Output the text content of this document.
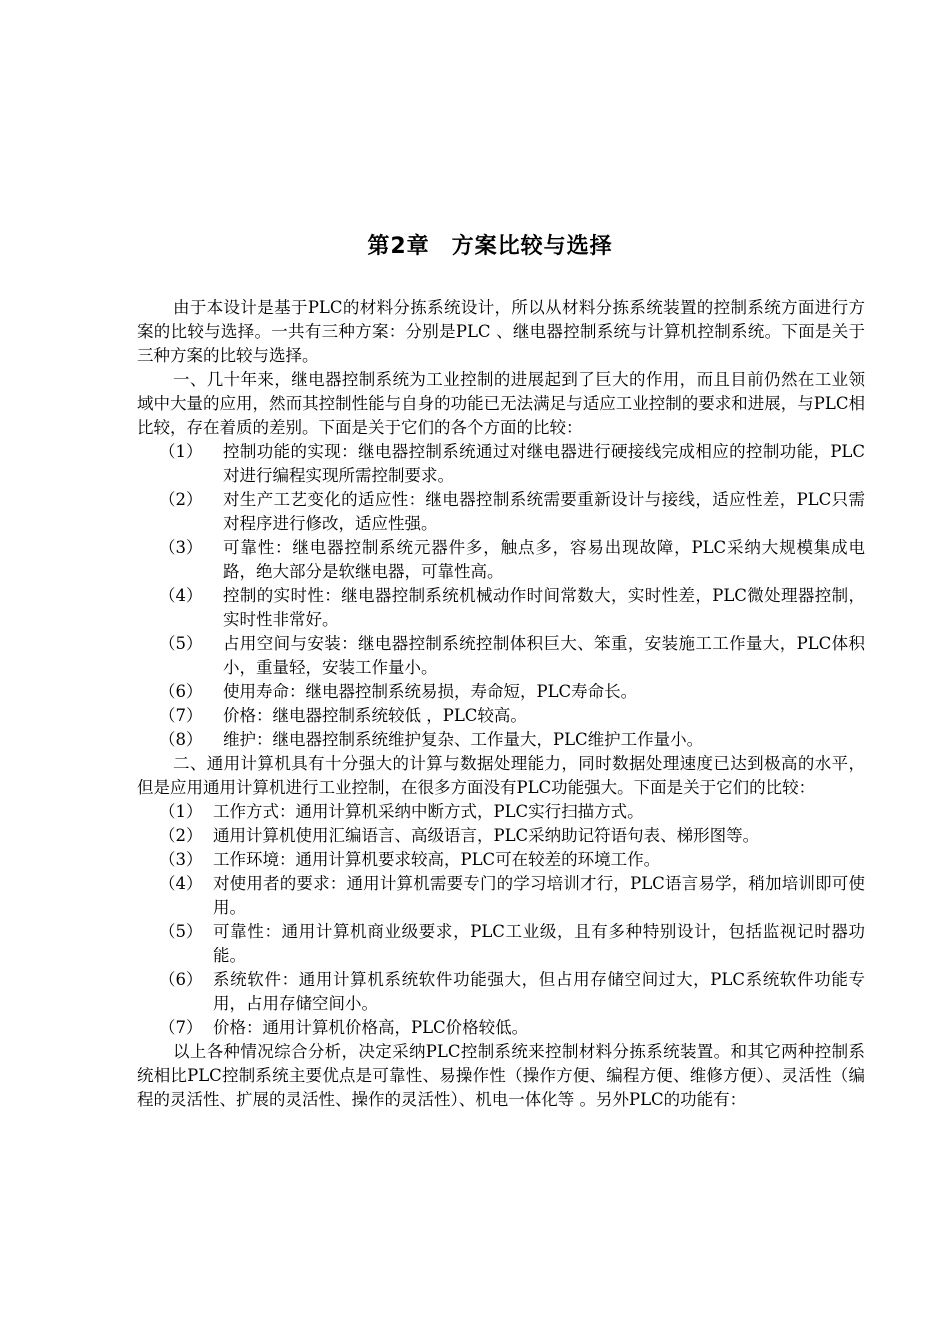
第2章 方案比较与选择

由于本设计是基于PLC的材料分拣系统设计，所以从材料分拣系统装置的控制系统方面进行方案的比较与选择。一共有三种方案：分别是PLC 、继电器控制系统与计算机控制系统。下面是关于三种方案的比较与选择。

一、几十年来，继电器控制系统为工业控制的进展起到了巨大的作用，而且目前仍然在工业领域中大量的应用，然而其控制性能与自身的功能已无法满足与适应工业控制的要求和进展，与PLC相比较，存在着质的差别。下面是关于它们的各个方面的比较：

（1） 控制功能的实现：继电器控制系统通过对继电器进行硬接线完成相应的控制功能，PLC对进行编程实现所需控制要求。

（2） 对生产工艺变化的适应性：继电器控制系统需要重新设计与接线，适应性差，PLC只需对程序进行修改，适应性强。

（3） 可靠性：继电器控制系统元器件多，触点多，容易出现故障，PLC采纳大规模集成电路，绝大部分是软继电器，可靠性高。

（4） 控制的实时性：继电器控制系统机械动作时间常数大，实时性差，PLC微处理器控制，实时性非常好。

（5） 占用空间与安装：继电器控制系统控制体积巨大、笨重，安装施工工作量大，PLC体积小，重量轻，安装工作量小。

（6） 使用寿命：继电器控制系统易损，寿命短，PLC寿命长。

（7） 价格：继电器控制系统较低 ，PLC较高。

（8） 维护：继电器控制系统维护复杂、工作量大，PLC维护工作量小。

二、通用计算机具有十分强大的计算与数据处理能力，同时数据处理速度已达到极高的水平，但是应用通用计算机进行工业控制，在很多方面没有PLC功能强大。下面是关于它们的比较：

（1） 工作方式：通用计算机采纳中断方式，PLC实行扫描方式。

（2） 通用计算机使用汇编语言、高级语言，PLC采纳助记符语句表、梯形图等。

（3） 工作环境：通用计算机要求较高，PLC可在较差的环境工作。

（4） 对使用者的要求：通用计算机需要专门的学习培训才行，PLC语言易学，稍加培训即可使用。

（5） 可靠性：通用计算机商业级要求，PLC工业级，且有多种特别设计，包括监视记时器功能。

（6） 系统软件：通用计算机系统软件功能强大，但占用存储空间过大，PLC系统软件功能专用，占用存储空间小。

（7） 价格：通用计算机价格高，PLC价格较低。

以上各种情况综合分析，决定采纳PLC控制系统来控制材料分拣系统装置。和其它两种控制系统相比PLC控制系统主要优点是可靠性、易操作性（操作方便、编程方便、维修方便）、灵活性（编程的灵活性、扩展的灵活性、操作的灵活性）、机电一体化等 。另外PLC的功能有：
